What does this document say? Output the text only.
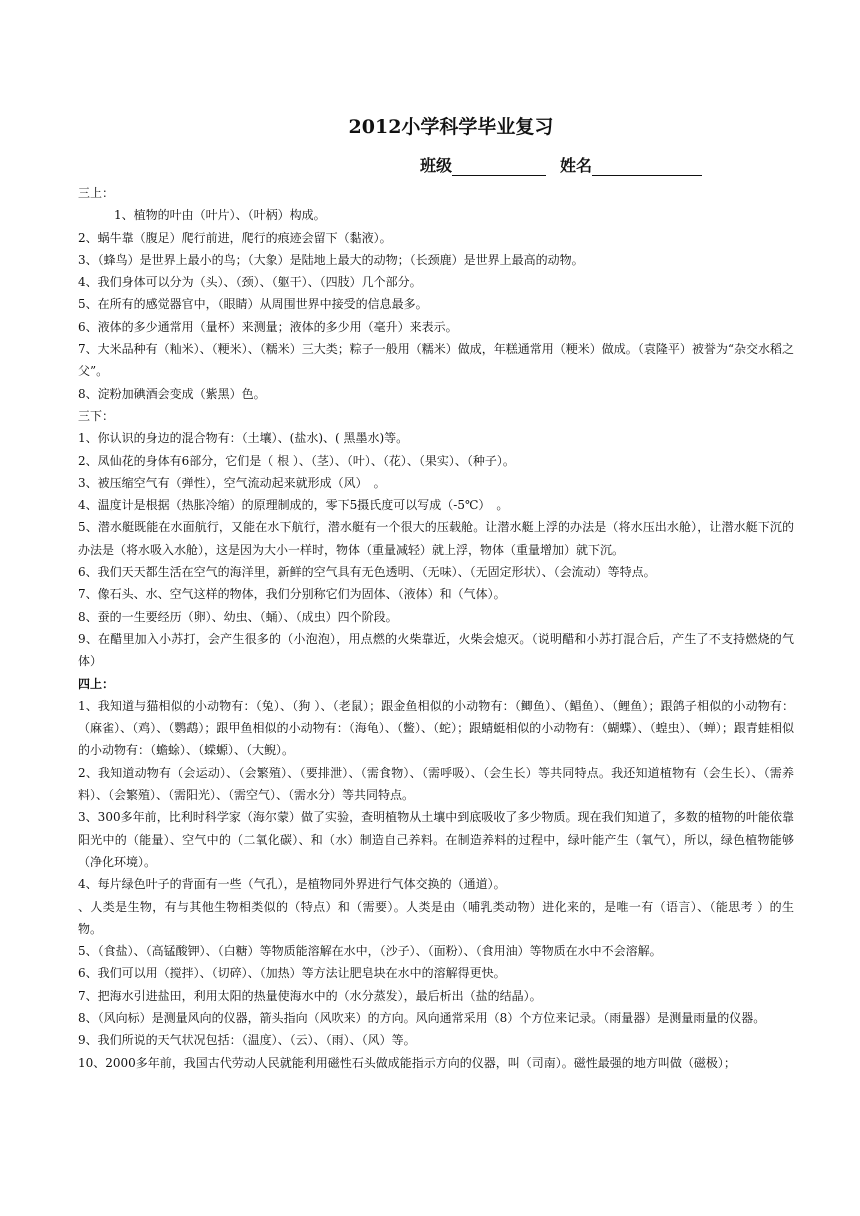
2012小学科学毕业复习
班级	姓名

三上：

1、植物的叶由（叶片）、（叶柄）构成。

2、蜗牛靠（腹足）爬行前进，爬行的痕迹会留下（黏液）。

3、（蜂鸟）是世界上最小的鸟；（大象）是陆地上最大的动物；（长颈鹿）是世界上最高的动物。

4、我们身体可以分为（头）、（颈）、（躯干）、（四肢）几个部分。

5、在所有的感觉器官中，（眼睛）从周围世界中接受的信息最多。

6、液体的多少通常用（量杯）来测量；液体的多少用（毫升）来表示。

7、大米品种有（籼米）、（粳米）、（糯米）三大类；粽子一般用（糯米）做成，年糕通常用（粳米）做成。（袁隆平）被誉为“杂交水稻之父”。

8、淀粉加碘酒会变成（紫黑）色。

三下：

1、你认识的身边的混合物有：（土壤）、(盐水)、( 黑墨水)等。

2、凤仙花的身体有6部分，它们是（ 根 ）、（茎）、（叶）、（花）、（果实）、（种子）。

3、被压缩空气有（弹性），空气流动起来就形成（风）　。

4、温度计是根据（热胀冷缩）的原理制成的，零下5摄氏度可以写成（-5℃）　。

5、潜水艇既能在水面航行，又能在水下航行，潜水艇有一个很大的压载舱。让潜水艇上浮的办法是（将水压出水舱），让潜水艇下沉的办法是（将水吸入水舱），这是因为大小一样时，物体（重量减轻）就上浮，物体（重量增加）就下沉。

6、我们天天都生活在空气的海洋里，新鲜的空气具有无色透明、（无味）、（无固定形状）、（会流动）等特点。

7、像石头、水、空气这样的物体，我们分别称它们为固体、（液体）和（气体）。

8、蚕的一生要经历（卵）、幼虫、（蛹）、（成虫）四个阶段。

9、在醋里加入小苏打，会产生很多的（小泡泡），用点燃的火柴靠近，火柴会熄灭。（说明醋和小苏打混合后，产生了不支持燃烧的气体）

四上：

1、我知道与猫相似的小动物有：（兔）、（狗 ）、（老鼠）；跟金鱼相似的小动物有：（鲫鱼）、（鲳鱼）、（鲤鱼）；跟鸽子相似的小动物有：（麻雀）、（鸡）、（鹦鹉）；跟甲鱼相似的小动物有：（海龟）、（鳖）、（蛇）；跟蜻蜓相似的小动物有：（蝴蝶）、（蝗虫）、（蝉）；跟青蛙相似的小动物有：（蟾蜍）、（蝾螈）、（大鲵）。

2、我知道动物有（会运动）、（会繁殖）、（要排泄）、（需食物）、（需呼吸）、（会生长）等共同特点。我还知道植物有（会生长）、（需养料）、（会繁殖）、（需阳光）、（需空气）、（需水分）等共同特点。

3、300多年前，比利时科学家（海尔蒙）做了实验，查明植物从土壤中到底吸收了多少物质。现在我们知道了，多数的植物的叶能依靠阳光中的（能量）、空气中的（二氧化碳）、和（水）制造自己养料。在制造养料的过程中，绿叶能产生（氧气），所以，绿色植物能够（净化环境）。

4、每片绿色叶子的背面有一些（气孔），是植物同外界进行气体交换的（通道）。

、人类是生物，有与其他生物相类似的（特点）和（需要）。人类是由（哺乳类动物）进化来的，是唯一有（语言）、（能思考 ）的生物。

5、（食盐）、（高锰酸钾）、（白糖）等物质能溶解在水中，（沙子）、（面粉）、（食用油）等物质在水中不会溶解。

6、我们可以用（搅拌）、（切碎）、（加热）等方法让肥皂块在水中的溶解得更快。

7、把海水引进盐田，利用太阳的热量使海水中的（水分蒸发），最后析出（盐的结晶）。

8、（风向标）是测量风向的仪器，箭头指向（风吹来）的方向。风向通常采用（8）个方位来记录。（雨量器）是测量雨量的仪器。

9、我们所说的天气状况包括：（温度）、（云）、（雨）、（风）等。

10、2000多年前，我国古代劳动人民就能利用磁性石头做成能指示方向的仪器，叫（司南）。磁性最强的地方叫做（磁极）；
